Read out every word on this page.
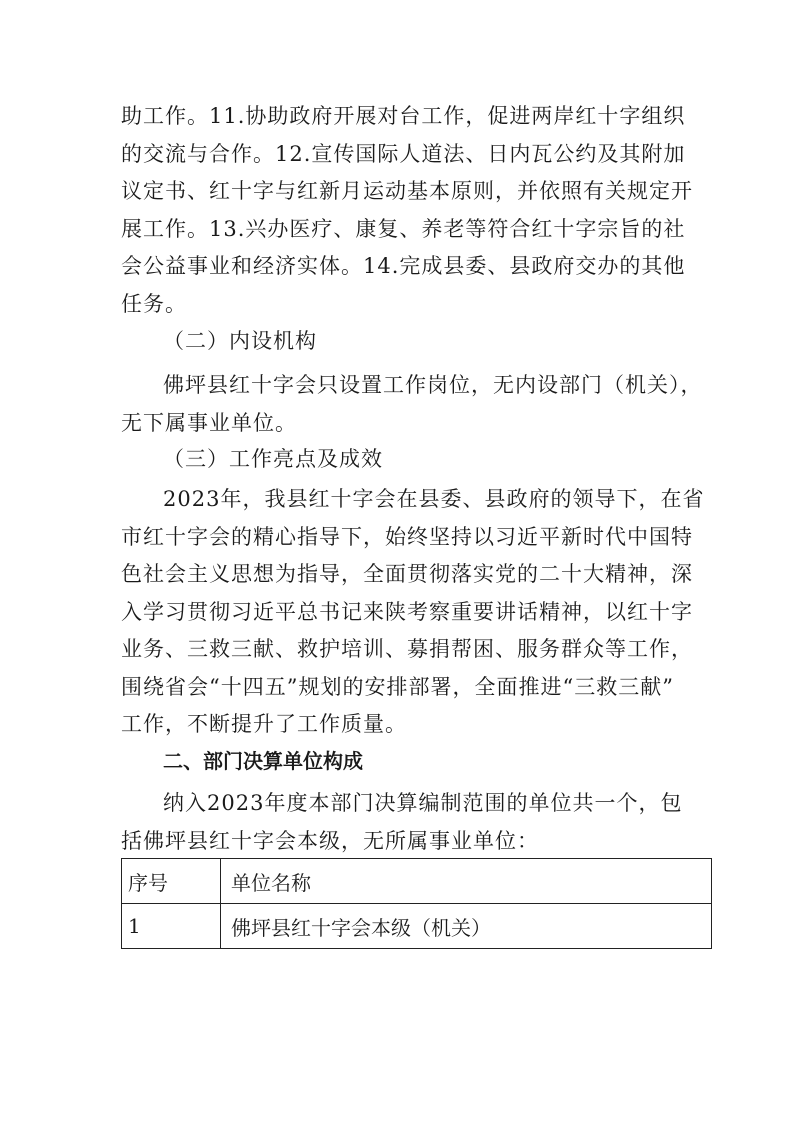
助工作。11.协助政府开展对台工作，促进两岸红十字组织
的交流与合作。12.宣传国际人道法、日内瓦公约及其附加
议定书、红十字与红新月运动基本原则，并依照有关规定开
展工作。13.兴办医疗、康复、养老等符合红十字宗旨的社
会公益事业和经济实体。14.完成县委、县政府交办的其他
任务。

（二）内设机构

佛坪县红十字会只设置工作岗位，无内设部门（机关），
无下属事业单位。

（三）工作亮点及成效

2023年，我县红十字会在县委、县政府的领导下，在省
市红十字会的精心指导下，始终坚持以习近平新时代中国特
色社会主义思想为指导，全面贯彻落实党的二十大精神，深
入学习贯彻习近平总书记来陕考察重要讲话精神，以红十字
业务、三救三献、救护培训、募捐帮困、服务群众等工作，
围绕省会“十四五”规划的安排部署，全面推进“三救三献”
工作，不断提升了工作质量。

二、部门决算单位构成

纳入2023年度本部门决算编制范围的单位共一个，包
括佛坪县红十字会本级，无所属事业单位：

序号	单位名称
1	佛坪县红十字会本级（机关）
